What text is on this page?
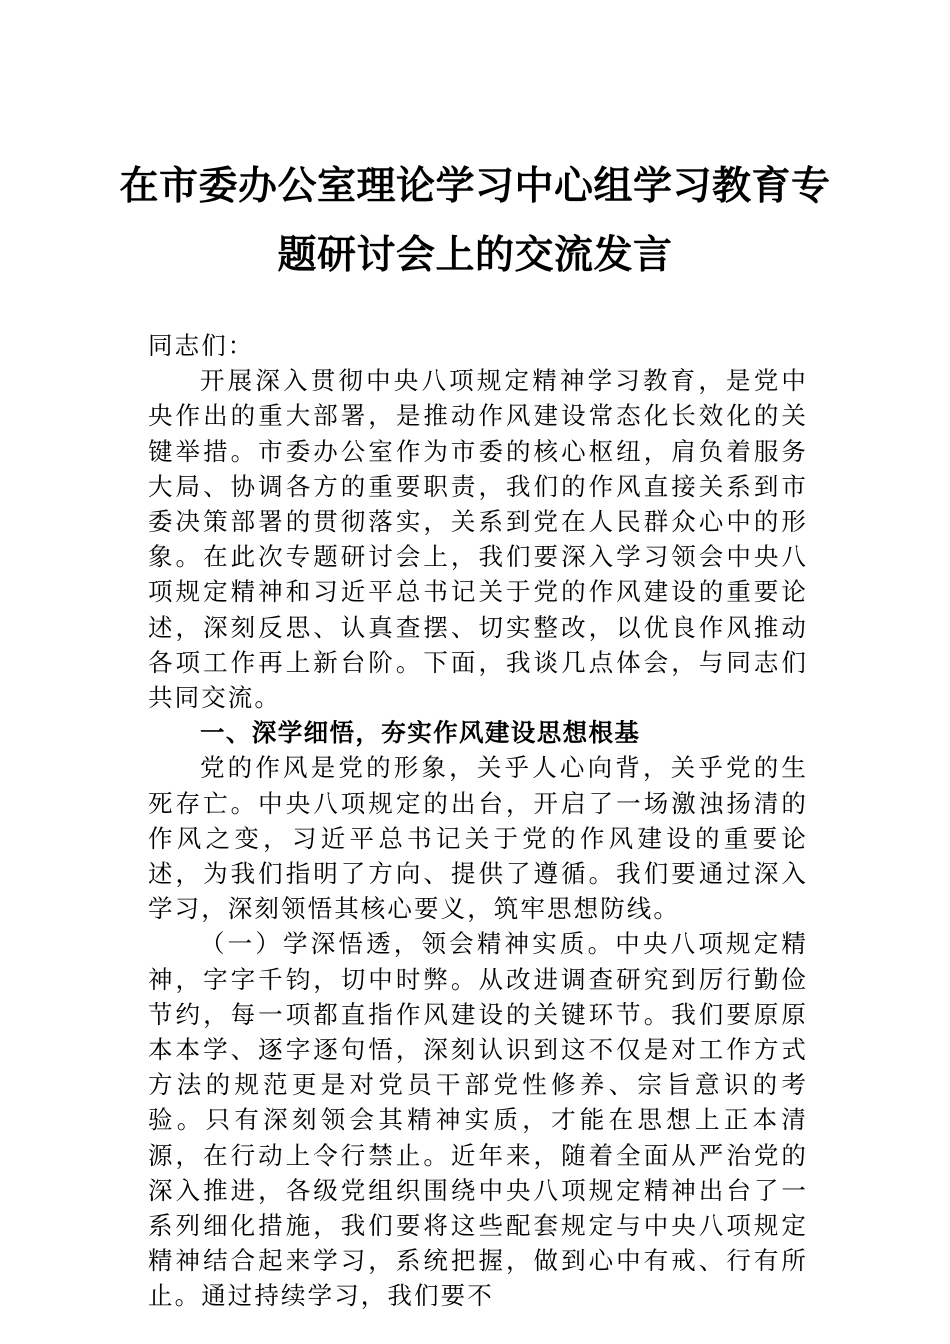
在市委办公室理论学习中心组学习教育专
题研讨会上的交流发言

同志们：

开展深入贯彻中央八项规定精神学习教育，是党中央作出的重大部署，是推动作风建设常态化长效化的关键举措。市委办公室作为市委的核心枢纽，肩负着服务大局、协调各方的重要职责，我们的作风直接关系到市委决策部署的贯彻落实，关系到党在人民群众心中的形象。在此次专题研讨会上，我们要深入学习领会中央八项规定精神和习近平总书记关于党的作风建设的重要论述，深刻反思、认真查摆、切实整改，以优良作风推动各项工作再上新台阶。下面，我谈几点体会，与同志们共同交流。

一、深学细悟，夯实作风建设思想根基

党的作风是党的形象，关乎人心向背，关乎党的生死存亡。中央八项规定的出台，开启了一场激浊扬清的作风之变，习近平总书记关于党的作风建设的重要论述，为我们指明了方向、提供了遵循。我们要通过深入学习，深刻领悟其核心要义，筑牢思想防线。

（一）学深悟透，领会精神实质。中央八项规定精神，字字千钧，切中时弊。从改进调查研究到厉行勤俭节约，每一项都直指作风建设的关键环节。我们要原原本本学、逐字逐句悟，深刻认识到这不仅是对工作方式方法的规范更是对党员干部党性修养、宗旨意识的考验。只有深刻领会其精神实质，才能在思想上正本清源，在行动上令行禁止。近年来，随着全面从严治党的深入推进，各级党组织围绕中央八项规定精神出台了一系列细化措施，我们要将这些配套规定与中央八项规定精神结合起来学习，系统把握，做到心中有戒、行有所止。通过持续学习，我们要不
